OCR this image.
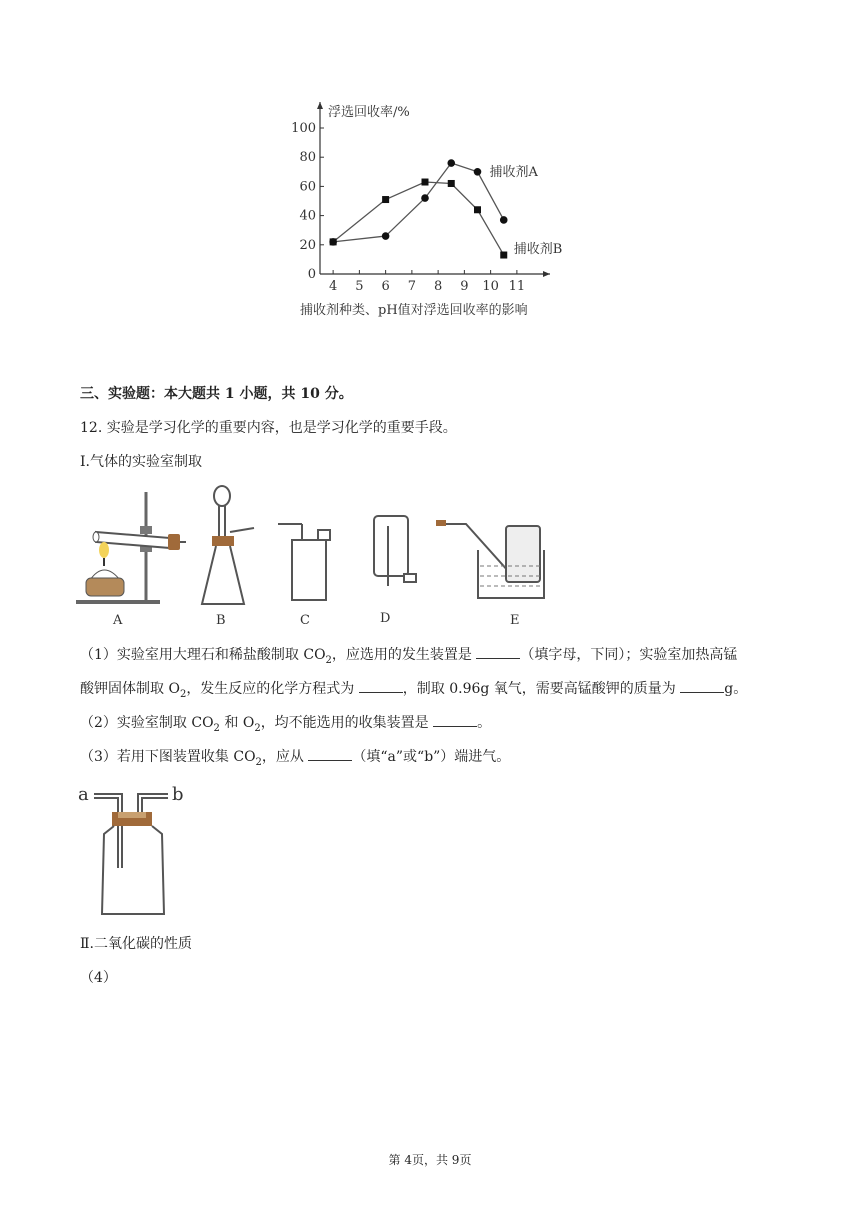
4 5 6 7 8 9 10 11
0
20
40
60
80
100
捕收剂A
捕收剂B
浮选回收率/%
捕收剂种类、pH值对浮选回收率的影响
三、实验题：本大题共 1 小题，共 10 分。
12. 实验是学习化学的重要内容，也是学习化学的重要手段。
Ⅰ.气体的实验室制取
A	B	C	D	E
（1）实验室用大理石和稀盐酸制取 $CO_2$，应选用的发生装置是	（填字母，下同）；实验室加热高锰
酸钾固体制取 $O_2$，发生反应的化学方程式为	，制取 0.96g 氧气，需要高锰酸钾的质量为	g。
（2）实验室制取 $CO_2$ 和 $O_2$，均不能选用的收集装置是	。
（3）若用下图装置收集 $CO_2$，应从	（填“a”或“b”）端进气。
a	b
Ⅱ.二氧化碳的性质
（4）
第 4页，共 9页
